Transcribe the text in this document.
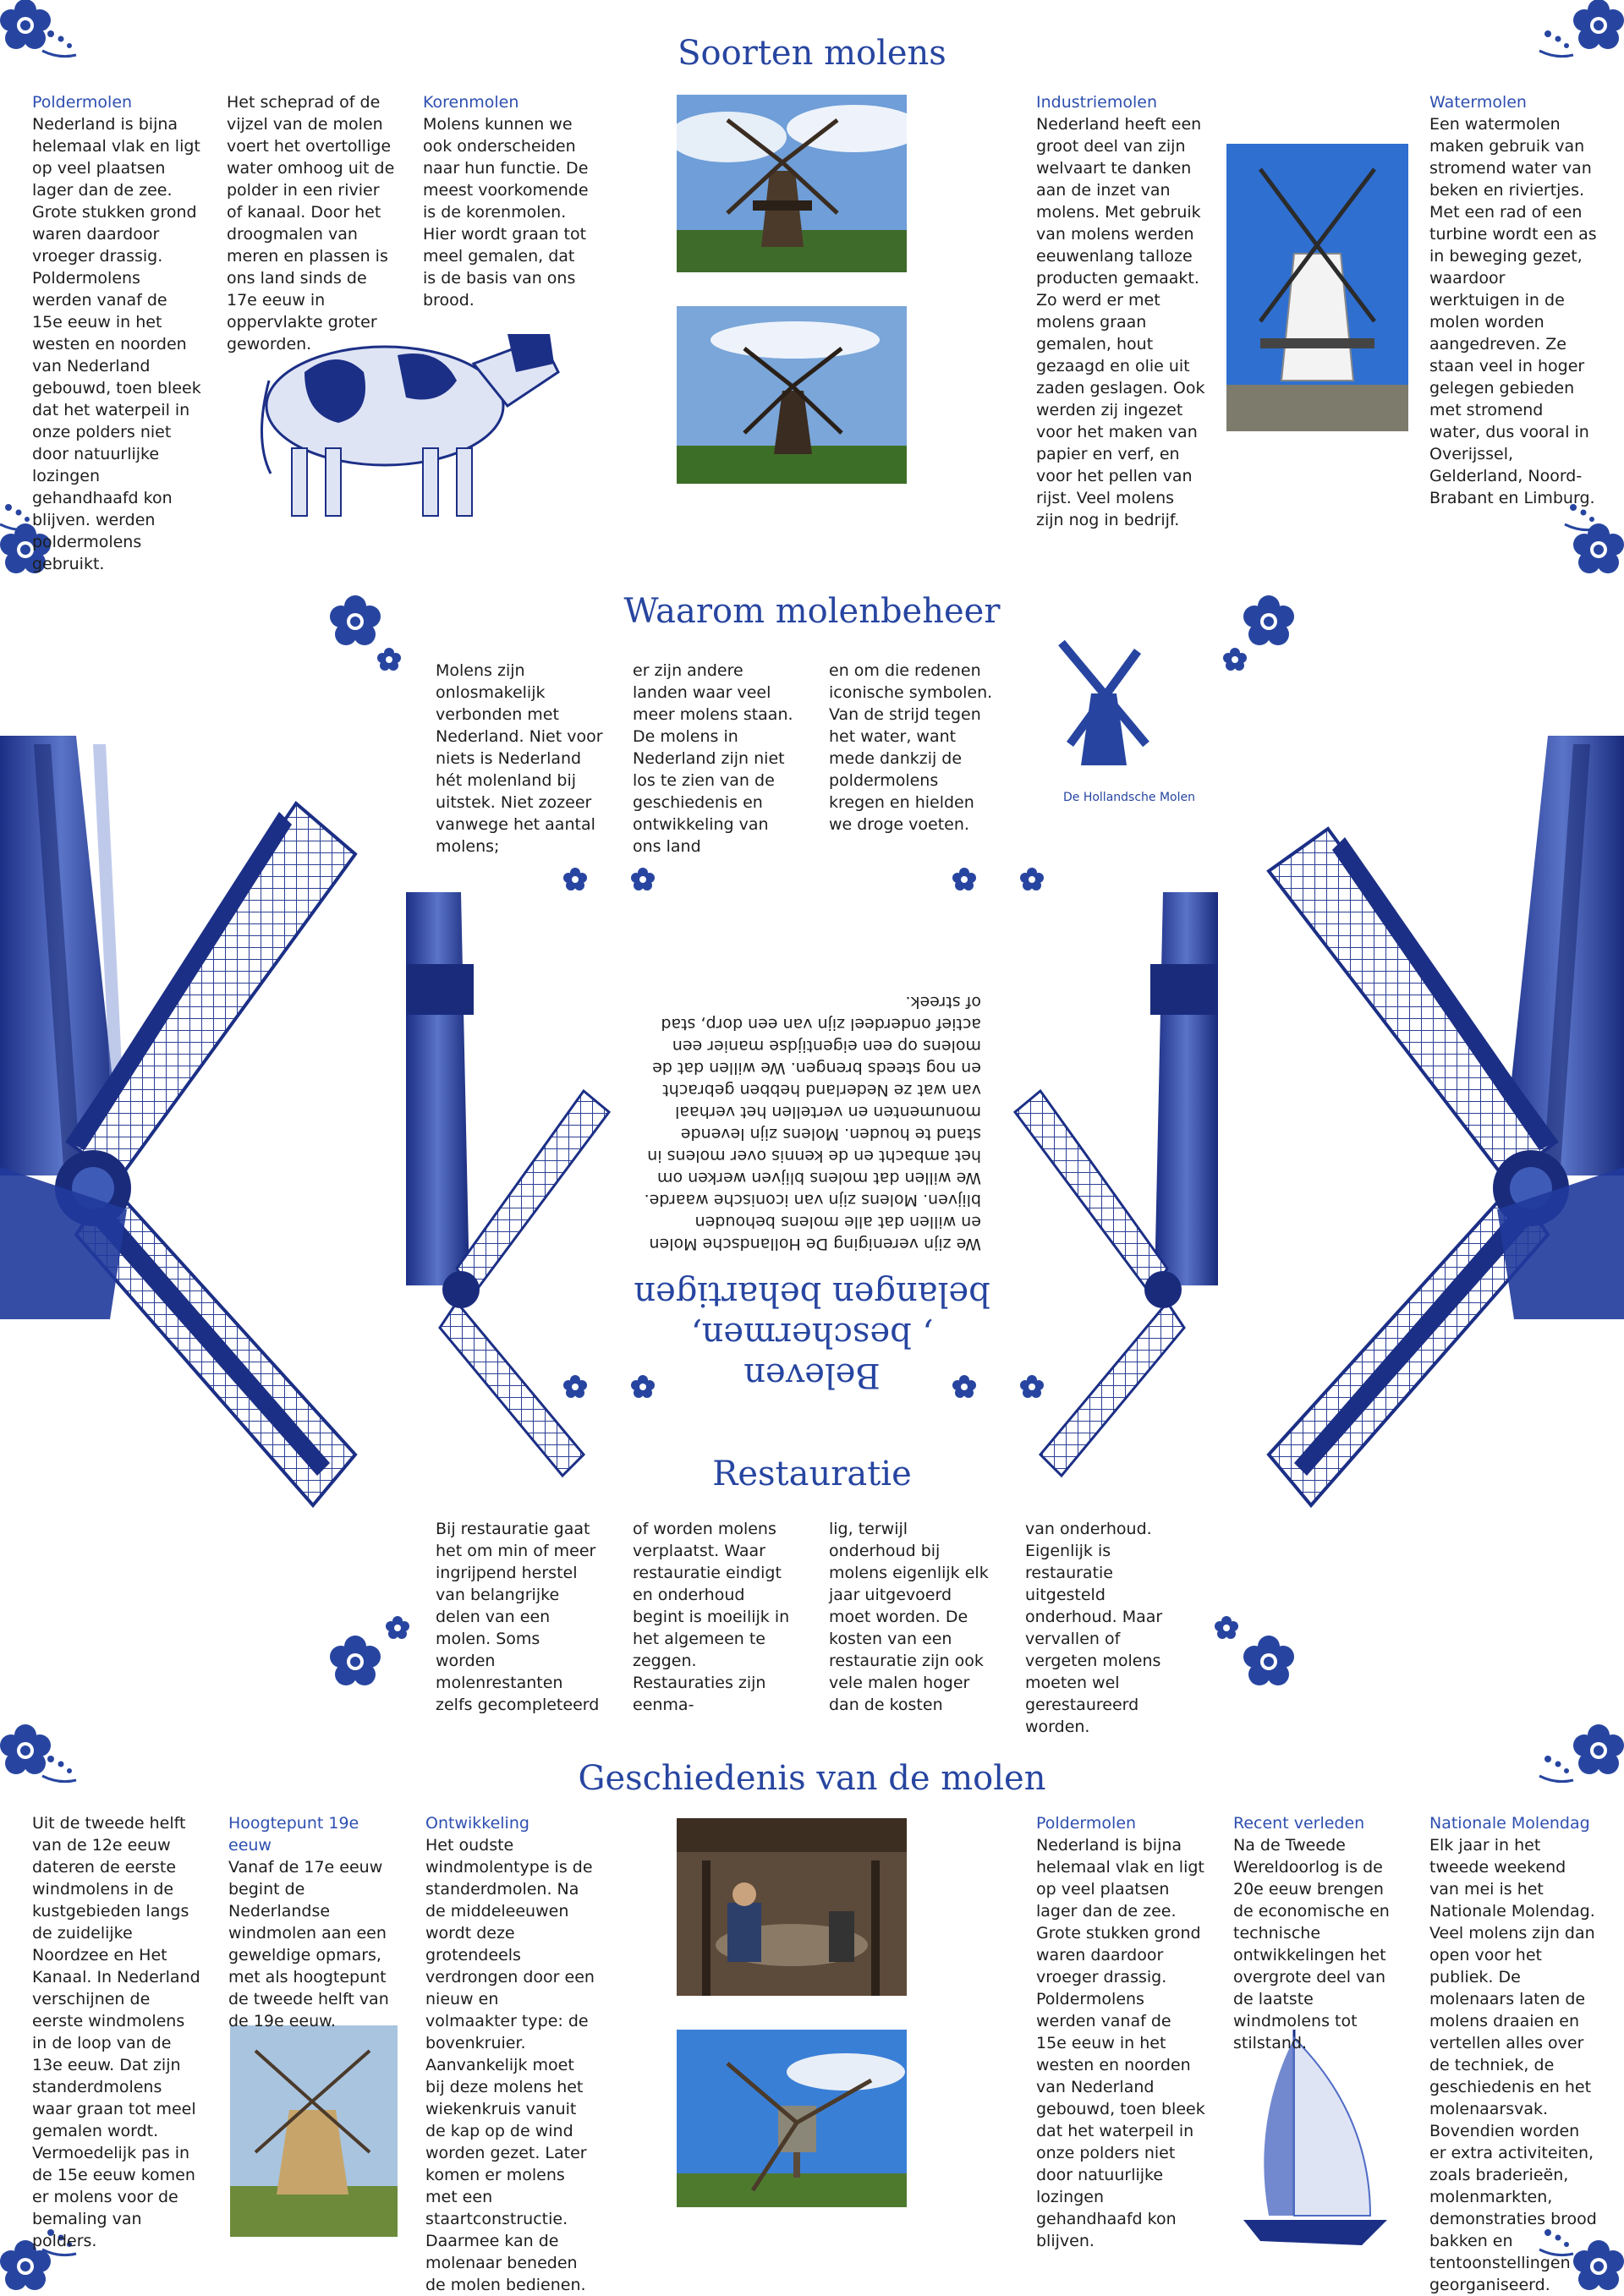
Soorten molens
Poldermolen
Nederland is bijna helemaal vlak en ligt op veel plaatsen lager dan de zee. Grote stukken grond waren daardoor vroeger drassig. Poldermolens werden vanaf de 15e eeuw in het westen en noorden van Nederland gebouwd, toen bleek dat het waterpeil in onze polders niet door natuurlijke lozingen gehandhaafd kon blijven. werden poldermolens gebruikt.
Het scheprad of de vijzel van de molen voert het overtollige water omhoog uit de polder in een rivier of kanaal. Door het droogmalen van meren en plassen is ons land sinds de 17e eeuw in oppervlakte groter geworden.
Korenmolen
Molens kunnen we ook onderscheiden naar hun functie. De meest voorkomende is de korenmolen. Hier wordt graan tot meel gemalen, dat is de basis van ons brood.
Industriemolen
Nederland heeft een groot deel van zijn welvaart te danken aan de inzet van molens. Met gebruik van molens werden eeuwenlang talloze producten gemaakt. Zo werd er met molens graan gemalen, hout gezaagd en olie uit zaden geslagen. Ook werden zij ingezet voor het maken van papier en verf, en voor het pellen van rijst. Veel molens zijn nog in bedrijf.
Watermolen
Een watermolen maken gebruik van stromend water van beken en riviertjes. Met een rad of een turbine wordt een as in beweging gezet, waardoor werktuigen in de molen worden aangedreven. Ze staan veel in hoger gelegen gebieden met stromend water, dus vooral in Overijssel, Gelderland, Noord-Brabant en Limburg.
Waarom molenbeheer
Molens zijn onlosmakelijk verbonden met Nederland. Niet voor niets is Nederland hét molenland bij uitstek. Niet zozeer vanwege het aantal molens;
er zijn andere landen waar veel meer molens staan. De molens in Nederland zijn niet los te zien van de geschiedenis en ontwikkeling van ons land
en om die redenen iconische symbolen. Van de strijd tegen het water, want mede dankzij de poldermolens kregen en hielden we droge voeten.
De Hollandsche Molen
Beleven
, beschermen,
belangen behartigen
We zijn vereniging De Hollandsche Molen en willen dat alle molens behouden blijven. Molens zijn van iconische waarde. We willen dat molens blijven werken om het ambacht en de kennis over molens in stand te houden. Molens zijn levende monumenten en vertellen het verhaal van wat ze Nederland hebben gebracht en nog steeds brengen. We willen dat de molens op een eigentijdse manier een actief onderdeel zijn van een dorp, stad of streek.
Restauratie
Bij restauratie gaat het om min of meer ingrijpend herstel van belangrijke delen van een molen. Soms worden molenrestanten zelfs gecompleteerd
of worden molens verplaatst. Waar restauratie eindigt en onderhoud begint is moeilijk in het algemeen te zeggen. Restauraties zijn eenma-
lig, terwijl onderhoud bij molens eigenlijk elk jaar uitgevoerd moet worden. De kosten van een restauratie zijn ook vele malen hoger dan de kosten
van onderhoud. Eigenlijk is restauratie uitgesteld onderhoud. Maar vervallen of vergeten molens moeten wel gerestaureerd worden.
Geschiedenis van de molen
Uit de tweede helft van de 12e eeuw dateren de eerste windmolens in de kustgebieden langs de zuidelijke Noordzee en Het Kanaal. In Nederland verschijnen de eerste windmolens in de loop van de 13e eeuw. Dat zijn standerdmolens waar graan tot meel gemalen wordt. Vermoedelijk pas in de 15e eeuw komen er molens voor de bemaling van polders.
Hoogtepunt 19e eeuw
Vanaf de 17e eeuw begint de Nederlandse windmolen aan een geweldige opmars, met als hoogtepunt de tweede helft van de 19e eeuw.
Ontwikkeling
Het oudste windmolentype is de standerdmolen. Na de middeleeuwen wordt deze grotendeels verdrongen door een nieuw en volmaakter type: de bovenkruier. Aanvankelijk moet bij deze molens het wiekenkruis vanuit de kap op de wind worden gezet. Later komen er molens met een staartconstructie. Daarmee kan de molenaar beneden de molen bedienen.
Poldermolen
Nederland is bijna helemaal vlak en ligt op veel plaatsen lager dan de zee. Grote stukken grond waren daardoor vroeger drassig. Poldermolens werden vanaf de 15e eeuw in het westen en noorden van Nederland gebouwd, toen bleek dat het waterpeil in onze polders niet door natuurlijke lozingen gehandhaafd kon blijven.
Recent verleden
Na de Tweede Wereldoorlog is de 20e eeuw brengen de economische en technische ontwikkelingen het overgrote deel van de laatste windmolens tot stilstand.
Nationale Molendag
Elk jaar in het tweede weekend van mei is het Nationale Molendag. Veel molens zijn dan open voor het publiek. De molenaars laten de molens draaien en vertellen alles over de techniek, de geschiedenis en het molenaarsvak. Bovendien worden er extra activiteiten, zoals braderieën, molenmarkten, demonstraties brood bakken en tentoonstellingen georganiseerd.
